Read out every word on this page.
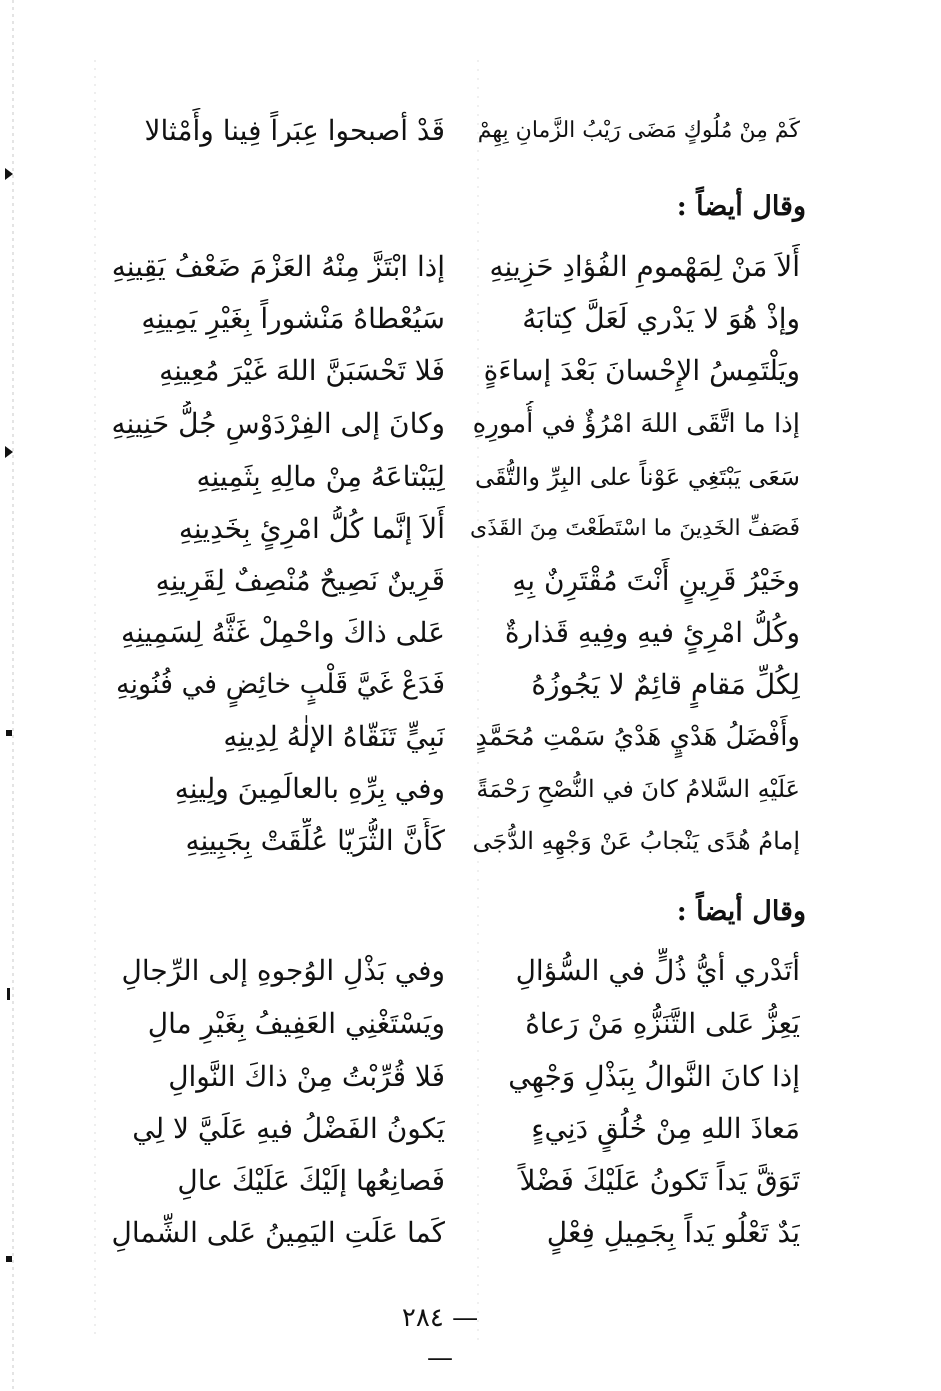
كَمْ مِنْ مُلُوكٍ مَضَى رَيْبُ الزَّمانِ بِهِمْ
قَدْ أصبحوا عِبَراً فِينا وأَمْثالا
وقال أيضاً :
أَلاَ مَنْ لِمَهْمومِ الفُؤادِ حَزِينِهِ
إذا ابْتَزَّ مِنْهُ العَزْمَ ضَعْفُ يَقِينِهِ
وإذْ هُوَ لا يَدْري لَعَلَّ كِتابَهُ
سَيُعْطاهُ مَنْشوراً بِغَيْرِ يَمِينِهِ
ويَلْتَمِسُ الإِحْسانَ بَعْدَ إساءَةٍ
فَلا تَحْسَبَنَّ اللهَ غَيْرَ مُعِينِهِ
إذا ما اتَّقَى اللهَ امْرُؤٌ في أُمورِهِ
وكانَ إلى الفِرْدَوْسِ جُلُّ حَنِينِهِ
سَعَى يَبْتَغِي عَوْناً على البِرِّ والتُّقَى
لِيَبْتاعَهُ مِنْ مالِهِ بِثَمِينِهِ
فَصَفِّ الخَدِينَ ما اسْتَطَعْتَ مِنَ القَذَى
أَلاَ إنَّما كُلُّ امْرِئٍ بِخَدِينِهِ
وخَيْرُ قَرِينٍ أَنْتَ مُقْتَرِنٌ بِهِ
قَرِينٌ نَصِيحٌ مُنْصِفٌ لِقَرِينِهِ
وكُلُّ امْرِئٍ فيهِ وفِيهِ قَذارةٌ
عَلى ذاكَ واحْمِلْ غَثَّهُ لِسَمِينِهِ
لِكُلِّ مَقامٍ قائِمٌ لا يَجُوزُهُ
فَدَعْ غَيَّ قَلْبٍ خائِضٍ في فُنُونِهِ
وأَفْضَلُ هَدْيٍ هَدْيُ سَمْتِ مُحَمَّدٍ
نَبِيٍّ تَنَقّاهُ الإلٰهُ لِدِينِهِ
عَلَيْهِ السَّلامُ كانَ في النُّصْحِ رَحْمَةً
وفي بِرِّهِ بالعالَمِينَ ولِينِهِ
إمامُ هُدًى يَنْجابُ عَنْ وَجْهِهِ الدُّجَى
كَأَنَّ الثُّرَيّا عُلِّقَتْ بِجَبِينِهِ
وقال أيضاً :
أتَدْري أيُّ ذُلٍّ في السُّؤالِ
وفي بَذْلِ الوُجوهِ إلى الرِّجالِ
يَعِزُّ عَلى التَّنَزُّهِ مَنْ رَعاهُ
ويَسْتَغْنِي العَفِيفُ بِغَيْرِ مالِ
إذا كانَ النَّوالُ بِبَذْلِ وَجْهِي
فَلا قُرِّبْتُ مِنْ ذاكَ النَّوالِ
مَعاذَ اللهِ مِنْ خُلُقٍ دَنِيءٍ
يَكونُ الفَضْلُ فيهِ عَلَيَّ لا لِي
تَوَقَّ يَداً تَكونُ عَلَيْكَ فَضْلاً
فَصانِعُها إلَيْكَ عَلَيْكَ عالِ
يَدٌ تَعْلُو يَداً بِجَمِيلِ فِعْلٍ
كَما عَلَتِ اليَمِينُ عَلى الشِّمالِ
— ٢٨٤ —
